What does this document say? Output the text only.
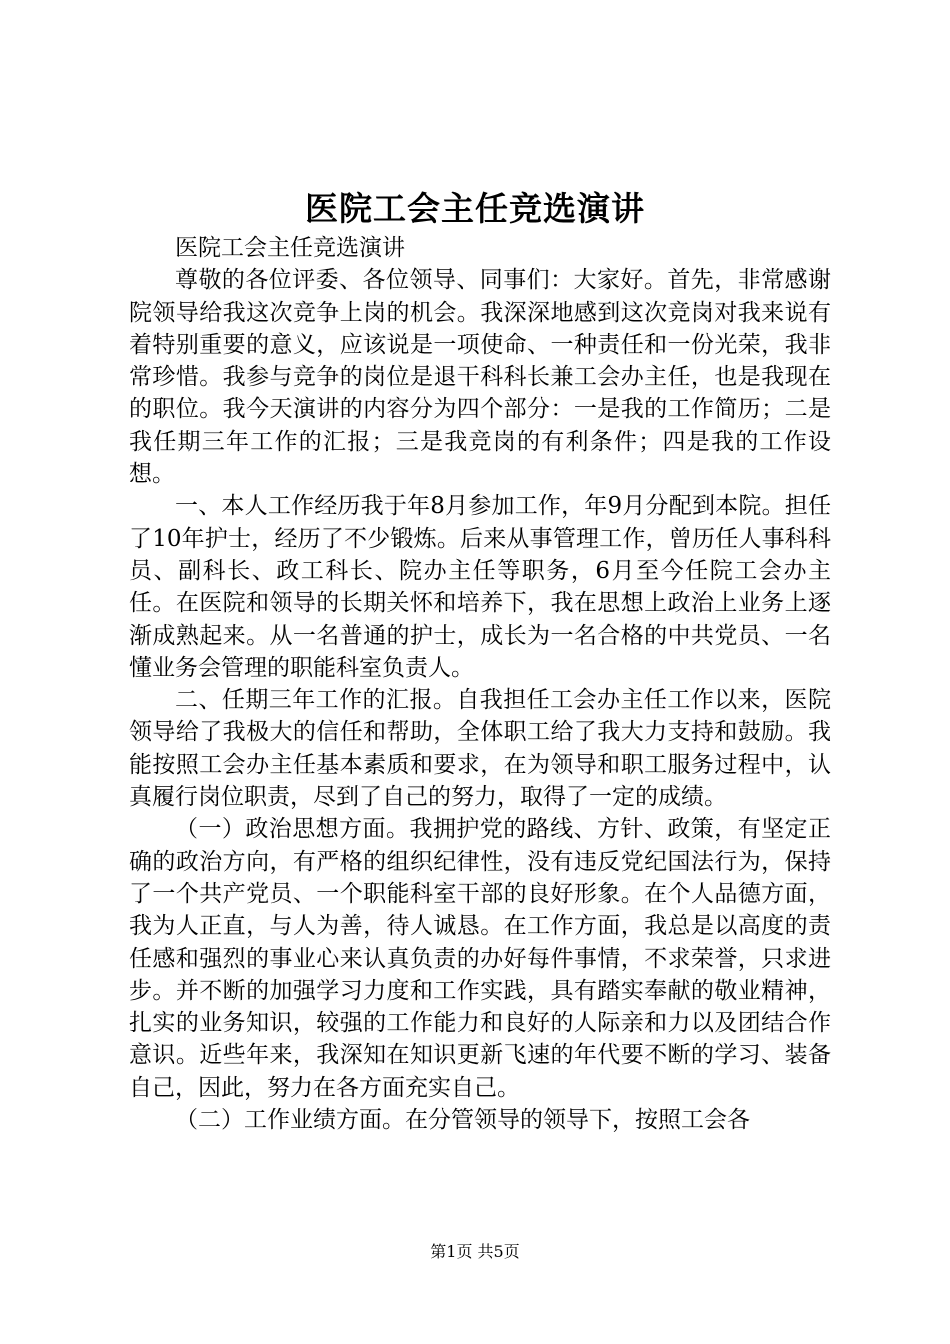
医院工会主任竞选演讲

医院工会主任竞选演讲

尊敬的各位评委、各位领导、同事们：大家好。首先，非常感谢院领导给我这次竞争上岗的机会。我深深地感到这次竞岗对我来说有着特别重要的意义，应该说是一项使命、一种责任和一份光荣，我非常珍惜。我参与竞争的岗位是退干科科长兼工会办主任，也是我现在的职位。我今天演讲的内容分为四个部分：一是我的工作简历；二是我任期三年工作的汇报；三是我竞岗的有利条件；四是我的工作设想。

一、本人工作经历我于年8月参加工作，年9月分配到本院。担任了10年护士，经历了不少锻炼。后来从事管理工作，曾历任人事科科员、副科长、政工科长、院办主任等职务，6月至今任院工会办主任。在医院和领导的长期关怀和培养下，我在思想上政治上业务上逐渐成熟起来。从一名普通的护士，成长为一名合格的中共党员、一名懂业务会管理的职能科室负责人。

二、任期三年工作的汇报。自我担任工会办主任工作以来，医院领导给了我极大的信任和帮助，全体职工给了我大力支持和鼓励。我能按照工会办主任基本素质和要求，在为领导和职工服务过程中，认真履行岗位职责，尽到了自己的努力，取得了一定的成绩。

（一）政治思想方面。我拥护党的路线、方针、政策，有坚定正确的政治方向，有严格的组织纪律性，没有违反党纪国法行为，保持了一个共产党员、一个职能科室干部的良好形象。在个人品德方面，我为人正直，与人为善，待人诚恳。在工作方面，我总是以高度的责任感和强烈的事业心来认真负责的办好每件事情，不求荣誉，只求进步。并不断的加强学习力度和工作实践，具有踏实奉献的敬业精神，扎实的业务知识，较强的工作能力和良好的人际亲和力以及团结合作意识。近些年来，我深知在知识更新飞速的年代要不断的学习、装备自己，因此，努力在各方面充实自己。

（二）工作业绩方面。在分管领导的领导下，按照工会各

第1页 共5页
